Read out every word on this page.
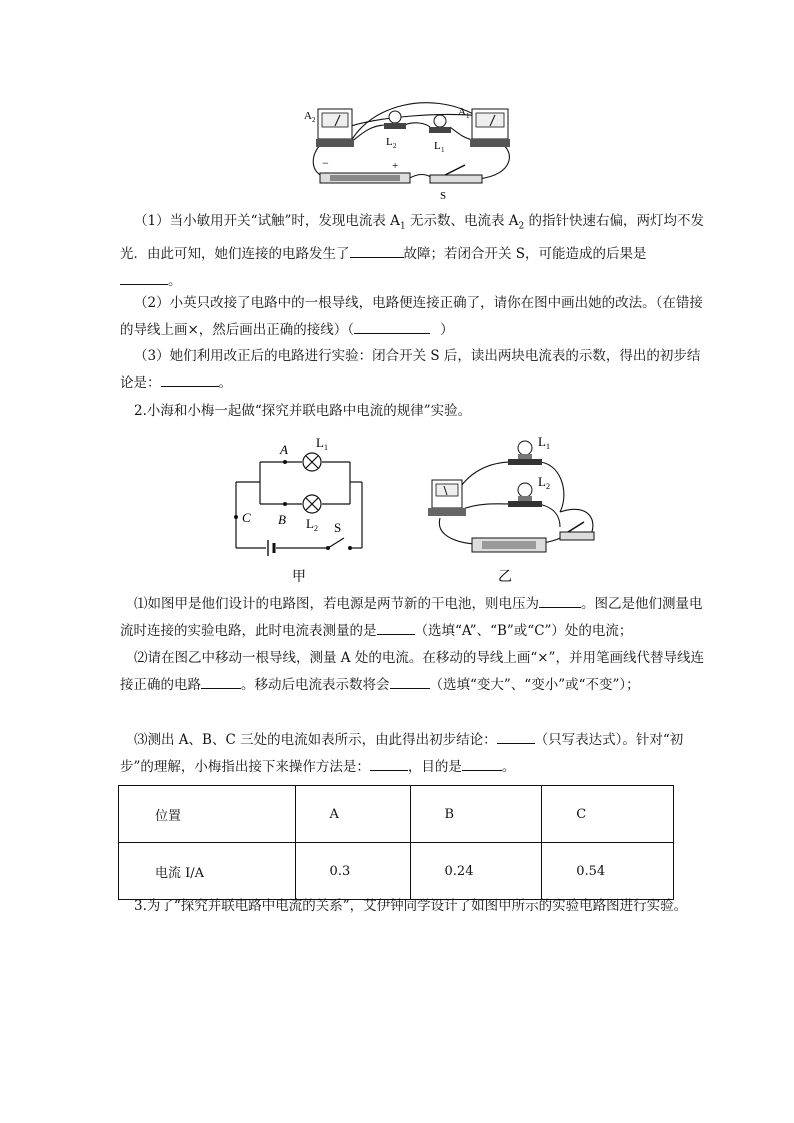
A 2
A 1
L 2	L 1
−	+
S
（1）当小敏用开关“试触”时，发现电流表 $A_1$ 无示数、电流表 $A_2$ 的指针快速右偏，两灯均不发光．由此可知，她们连接的电路发生了	故障；若闭合开关 S，可能造成的后果是
。
（2）小英只改接了电路中的一根导线，电路便连接正确了，请你在图中画出她的改法。（在错接的导线上画×，然后画出正确的接线）（	）
（3）她们利用改正后的电路进行实验：闭合开关 S 后，读出两块电流表的示数，得出的初步结论是：	。
2.小海和小梅一起做“探究并联电路中电流的规律”实验。
A
B
C
L 1
L 2 S
甲
L 1
L 2
乙
⑴如图甲是他们设计的电路图，若电源是两节新的干电池，则电压为	。图乙是他们测量电流时连接的实验电路，此时电流表测量的是	（选填“A”、“B”或“C”）处的电流；
⑵请在图乙中移动一根导线，测量 A 处的电流。在移动的导线上画“×”，并用笔画线代替导线连接正确的电路	。移动后电流表示数将会	（选填“变大”、“变小”或“不变”）；
⑶测出 A、B、C 三处的电流如表所示，由此得出初步结论：	（只写表达式）。针对“初步”的理解，小梅指出接下来操作方法是：	，目的是	。
位置	A	B	C
电流 I/A	0.3	0.24	0.54
3.为了“探究并联电路中电流的关系”，艾伊钟同学设计了如图甲所示的实验电路图进行实验。
